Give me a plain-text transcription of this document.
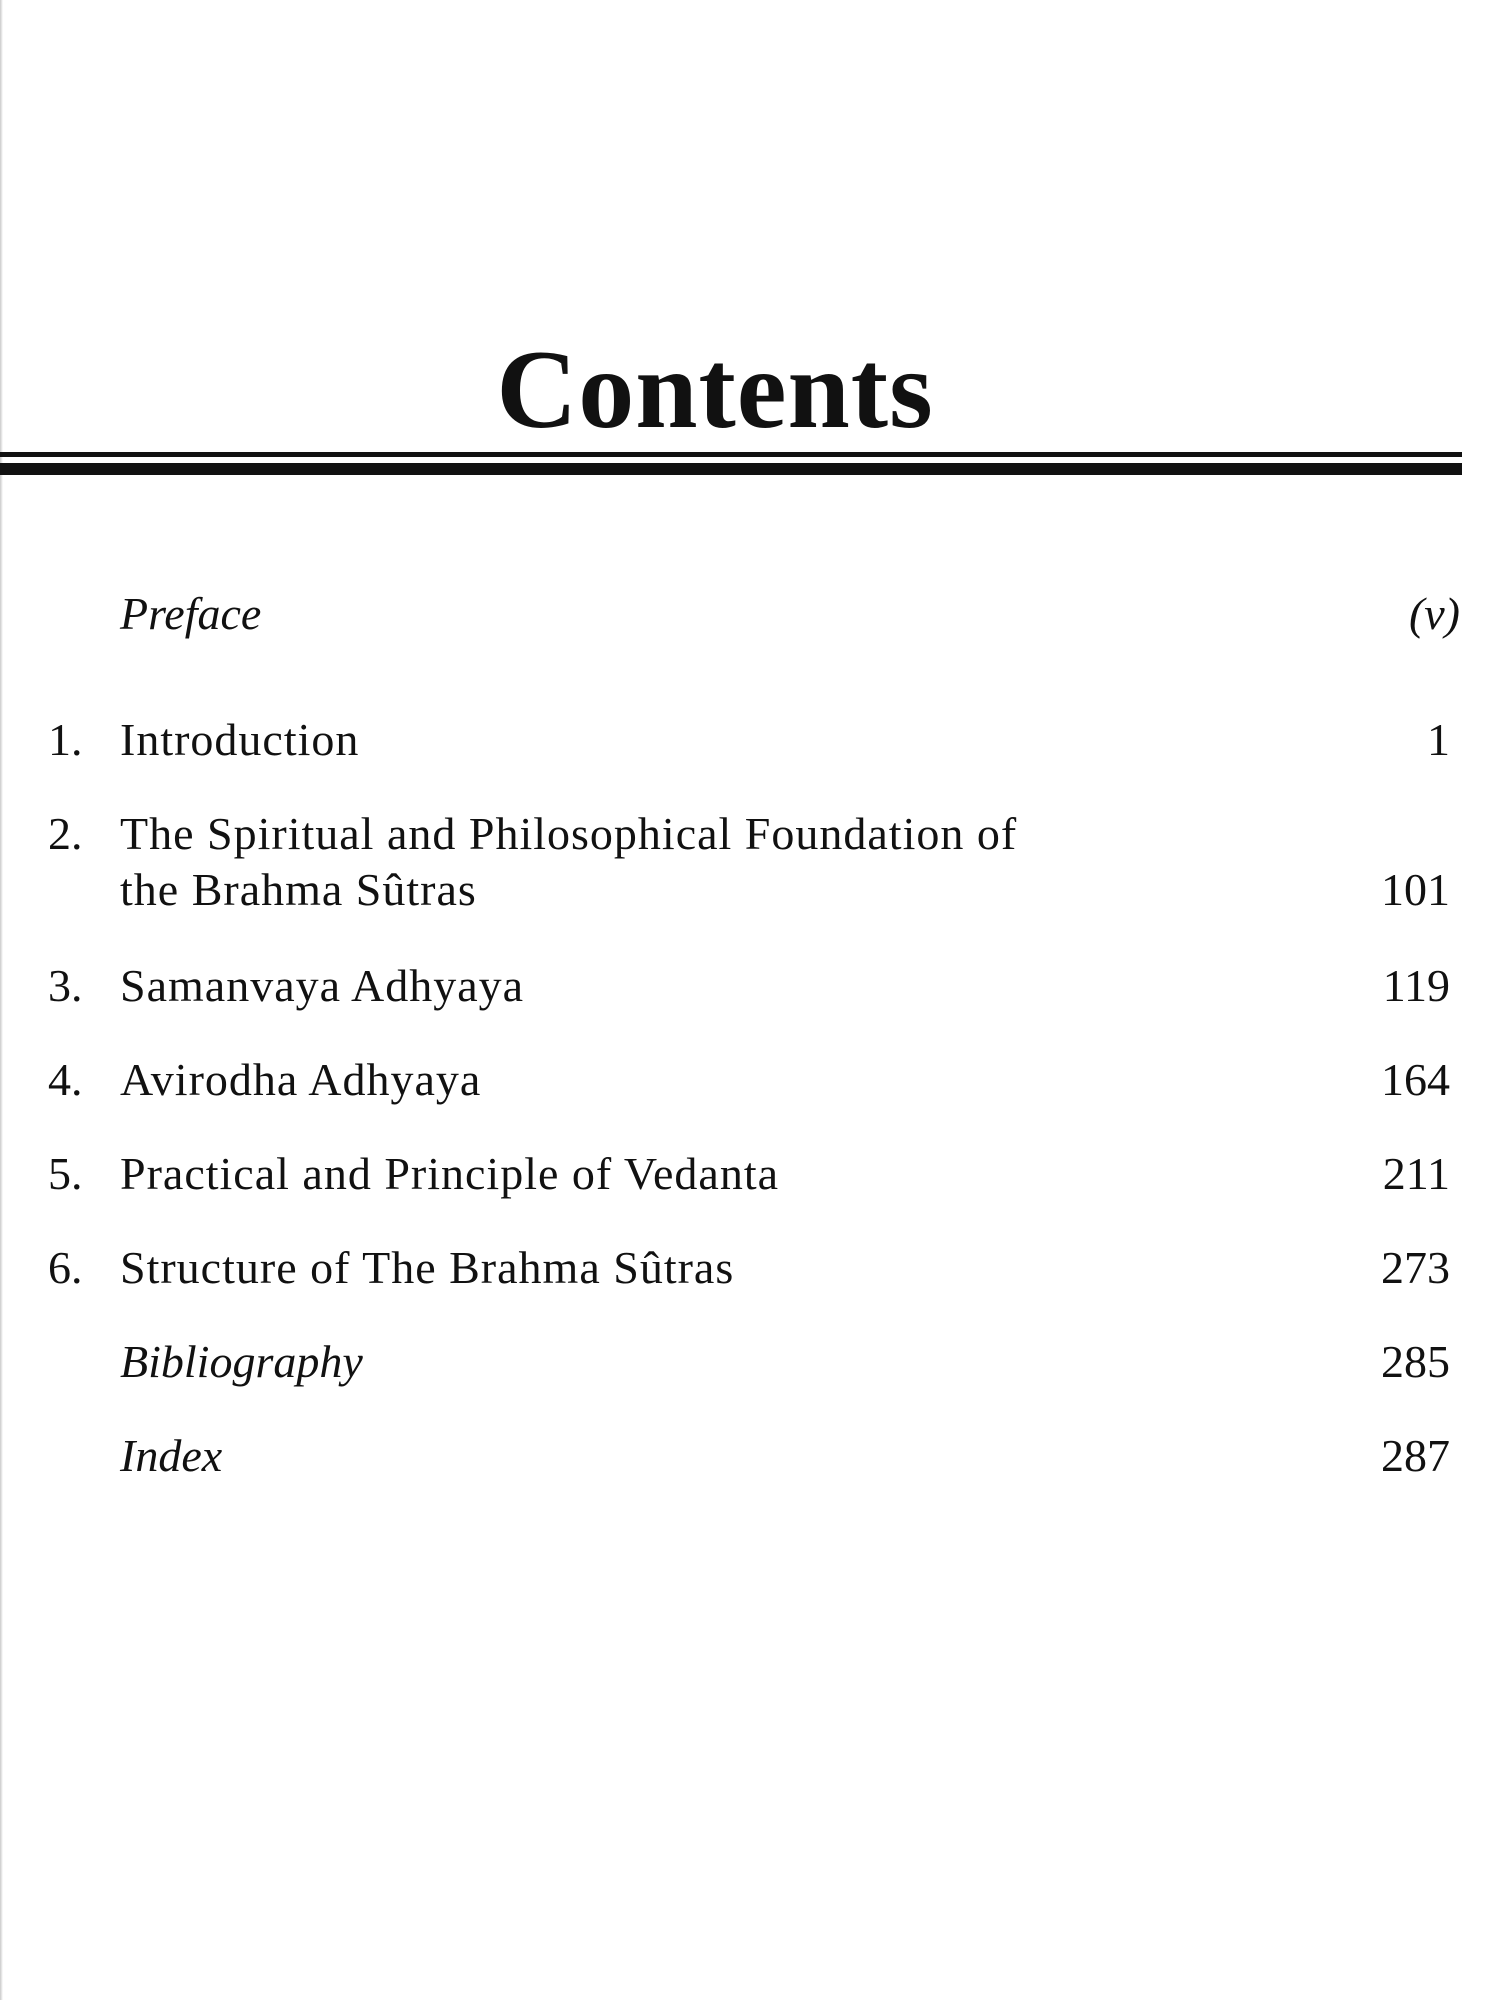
Contents
Preface	(v)
1. Introduction	1
2. The Spiritual and Philosophical Foundation of
the Brahma Sûtras	101
3. Samanvaya Adhyaya	119
4. Avirodha Adhyaya	164
5. Practical and Principle of Vedanta	211
6. Structure of The Brahma Sûtras	273
Bibliography	285
Index	287
